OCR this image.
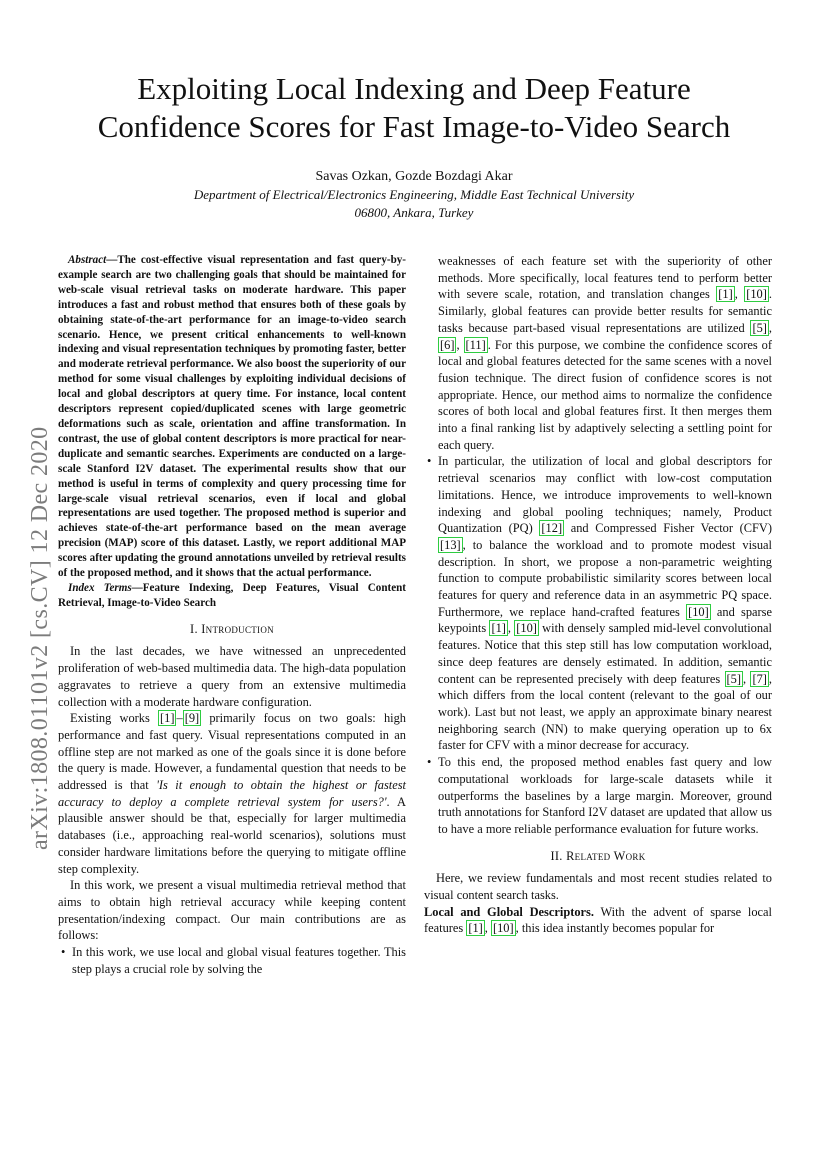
Exploiting Local Indexing and Deep Feature
Confidence Scores for Fast Image-to-Video Search
Savas Ozkan, Gozde Bozdagi Akar
Department of Electrical/Electronics Engineering, Middle East Technical University
06800, Ankara, Turkey
arXiv:1808.01101v2 [cs.CV] 12 Dec 2020

Abstract—The cost-effective visual representation and fast query-by-example search are two challenging goals that should be maintained for web-scale visual retrieval tasks on moderate hardware. This paper introduces a fast and robust method that ensures both of these goals by obtaining state-of-the-art performance for an image-to-video search scenario. Hence, we present critical enhancements to well-known indexing and visual representation techniques by promoting faster, better and moderate retrieval performance. We also boost the superiority of our method for some visual challenges by exploiting individual decisions of local and global descriptors at query time. For instance, local content descriptors represent copied/duplicated scenes with large geometric deformations such as scale, orientation and affine transformation. In contrast, the use of global content descriptors is more practical for near-duplicate and semantic searches. Experiments are conducted on a large-scale Stanford I2V dataset. The experimental results show that our method is useful in terms of complexity and query processing time for large-scale visual retrieval scenarios, even if local and global representations are used together. The proposed method is superior and achieves state-of-the-art performance based on the mean average precision (MAP) score of this dataset. Lastly, we report additional MAP scores after updating the ground annotations unveiled by retrieval results of the proposed method, and it shows that the actual performance.

Index Terms—Feature Indexing, Deep Features, Visual Content Retrieval, Image-to-Video Search

I. Introduction

In the last decades, we have witnessed an unprecedented proliferation of web-based multimedia data. The high-data population aggravates to retrieve a query from an extensive multimedia collection with a moderate hardware configuration.

Existing works [1] – [9] primarily focus on two goals: high performance and fast query. Visual representations computed in an offline step are not marked as one of the goals since it is done before the query is made. However, a fundamental question that needs to be addressed is that 'Is it enough to obtain the highest or fastest accuracy to deploy a complete retrieval system for users?'. A plausible answer should be that, especially for larger multimedia databases (i.e., approaching real-world scenarios), solutions must consider hardware limitations before the querying to mitigate offline step complexity.

In this work, we present a visual multimedia retrieval method that aims to obtain high retrieval accuracy while keeping content presentation/indexing compact. Our main contributions are as follows:

• In this work, we use local and global visual features together. This step plays a crucial role by solving the

weaknesses of each feature set with the superiority of other methods. More specifically, local features tend to perform better with severe scale, rotation, and translation changes [1] , [10] . Similarly, global features can provide better results for semantic tasks because part-based visual representations are utilized [5] , [6] , [11] . For this purpose, we combine the confidence scores of local and global features detected for the same scenes with a novel fusion technique. The direct fusion of confidence scores is not appropriate. Hence, our method aims to normalize the confidence scores of both local and global features first. It then merges them into a final ranking list by adaptively selecting a settling point for each query.

• In particular, the utilization of local and global descriptors for retrieval scenarios may conflict with low-cost computation limitations. Hence, we introduce improvements to well-known indexing and global pooling techniques; namely, Product Quantization (PQ) [12] and Compressed Fisher Vector (CFV) [13] , to balance the workload and to promote modest visual description. In short, we propose a non-parametric weighting function to compute probabilistic similarity scores between local features for query and reference data in an asymmetric PQ space. Furthermore, we replace hand-crafted features [10] and sparse keypoints [1] , [10] with densely sampled mid-level convolutional features. Notice that this step still has low computation workload, since deep features are densely estimated. In addition, semantic content can be represented precisely with deep features [5] , [7] , which differs from the local content (relevant to the goal of our work). Last but not least, we apply an approximate binary nearest neighboring search (NN) to make querying operation up to 6x faster for CFV with a minor decrease for accuracy.
• To this end, the proposed method enables fast query and low computational workloads for large-scale datasets while it outperforms the baselines by a large margin. Moreover, ground truth annotations for Stanford I2V dataset are updated that allow us to have a more reliable performance evaluation for future works.
II. Related Work

Here, we review fundamentals and most recent studies related to visual content search tasks.

Local and Global Descriptors. With the advent of sparse local features [1] , [10] , this idea instantly becomes popular for
